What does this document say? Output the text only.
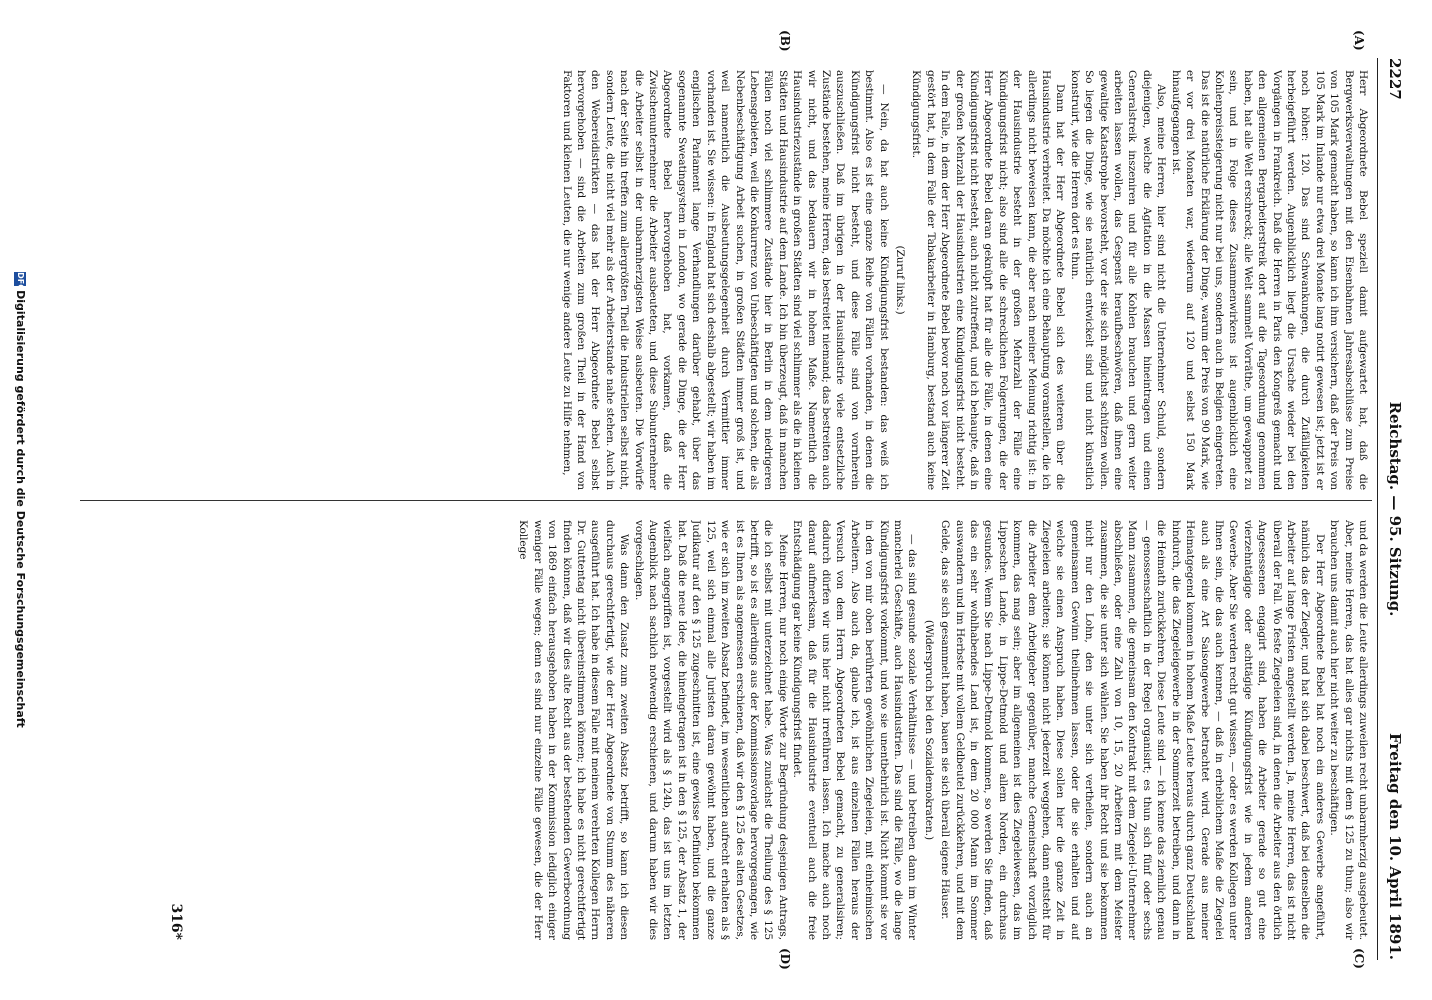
2227
Reichstag. — 95. Sitzung.
Freitag den 10. April 1891.
(A)
(B)
(C)
(D)

Herr Abgeordnete Bebel speziell damit aufgewartet hat, daß die Bergwerksverwaltungen mit den Eisenbahnen Jahresabschlüsse zum Preise von 105 Mark gemacht haben, so kann ich ihm versichern, daß der Preis von 105 Mark im Inlande nur etwa drei Monate lang notirt gewesen ist; jetzt ist er noch höher: 120. Das sind Schwankungen, die durch Zufälligkeiten herbeigeführt werden. Augenblicklich liegt die Ursache wieder bei den Vorgängen in Frankreich. Daß die Herren in Paris den Kongreß gemacht und den allgemeinen Bergarbeiterstreik dort auf die Tagesordnung genommen haben, hat alle Welt erschreckt; alle Welt sammelt Vorräthe, um gewappnet zu sein, und in Folge dieses Zusammenwirkens ist augenblicklich eine Kohlenpreissteigerung nicht nur bei uns, sondern auch in Belgien eingetreten. Das ist die natürliche Erklärung der Dinge, warum der Preis von 90 Mark, wie er vor drei Monaten war, wiederum auf 120 und selbst 150 Mark hinaufgegangen ist.

Also, meine Herren, hier sind nicht die Unternehmer Schuld, sondern diejenigen, welche die Agitation in die Massen hineintragen und einen Generalstreik inszeniren und für alle Kohlen brauchen und gern weiter arbeiten lassen wollen, das Gespenst heraufbeschwören, daß ihnen eine gewaltige Katastrophe bevorsteht, vor der sie sich möglichst schützen wollen. So liegen die Dinge, wie sie natürlich entwickelt sind und nicht künstlich konstruirt, wie die Herren dort es thun.

Dann hat der Herr Abgeordnete Bebel sich des weiteren über die Hausindustrie verbreitet. Da möchte ich eine Behauptung voranstellen, die ich allerdings nicht beweisen kann, die aber nach meiner Meinung richtig ist: in der Hausindustrie besteht in der großen Mehrzahl der Fälle eine Kündigungsfrist nicht; also sind alle die schrecklichen Folgerungen, die der Herr Abgeordnete Bebel daran geknüpft hat für alle die Fälle, in denen eine Kündigungsfrist nicht besteht, auch nicht zutreffend, und ich behaupte, daß in der großen Mehrzahl der Hausindustrien eine Kündigungsfrist nicht besteht. In dem Falle, in dem der Herr Abgeordnete Bebel bevor noch vor längerer Zeit gestört hat, in dem Falle der Tabakarbeiter in Hamburg, bestand auch keine Kündigungsfrist.

(Zuruf links.)

— Nein, da hat auch keine Kündigungsfrist bestanden: das weiß ich bestimmt. Also es ist eine ganze Reihe von Fällen vorhanden, in denen die Kündigungsfrist nicht besteht, und diese Fälle sind von vornherein auszuschließen. Daß im übrigen in der Hausindustrie viele entsetzliche Zustände bestehen, meine Herren, das bestreitet niemand; das bestreiten auch wir nicht, und das bedauern wir in hohem Maße. Namentlich die Hausindustriezustände in großen Städten sind viel schlimmer als die in kleinen Städten und Hausindustrie auf dem Lande. Ich bin überzeugt, daß in manchen Fällen noch viel schlimmere Zustände hier in Berlin in dem niedrigeren Lebensgebieten, weil die Konkurrenz von Unbeschäftigten und solchen, die als Nebenbeschäftigung Arbeit suchen, in großen Städten immer groß ist, und weil namentlich die Ausbeutungsgelegenheit durch Vermittler immer vorhanden ist. Sie wissen: in England hat sich deshalb abgestellt; wir haben im englischen Parlament lange Verhandlungen darüber gehabt, über das sogenannte Sweatingsystem in London, wo gerade die Dinge, die der Herr Abgeordnete Bebel hervorgehoben hat, vorkamen, daß die Zwischenunternehmer die Arbeiter ausbeuteten, und diese Subunternehmer die Arbeiter selbst in der unbarmherzigsten Weise ausbeuten. Die Vorwürfe nach der Seite hin treffen zum allergrößten Theil die Industriellen selbst nicht, sondern Leute, die nicht viel mehr als der Arbeiterstande nahe stehen. Auch in den Webereidistrikten — das hat der Herr Abgeordnete Bebel selbst hervorgehoben — sind die Arbeiten zum großen Theil in der Hand von Faktoren und kleinen Leuten, die nur wenige andere Leute zu Hilfe nehmen,

und da werden die Leute allerdings zuweilen recht unbarmherzig ausgebeutet. Aber, meine Herren, das hat alles gar nichts mit dem § 125 zu thun; also wir brauchen uns damit auch hier nicht weiter zu beschäftigen.

Der Herr Abgeordnete Bebel hat noch ein anderes Gewerbe angeführt, nämlich das der Ziegler, und hat sich dabei beschwert, daß bei denselben die Arbeiter auf lange Fristen angestellt werden. Ja, meine Herren, das ist nicht überall der Fall. Wo feste Ziegeleien sind, in denen die Arbeiter aus den örtlich Angesessenen engagirt sind, haben die Arbeiter gerade so gut eine vierzehntägige oder achttägige Kündigungsfrist wie in jedem anderen Gewerbe. Aber Sie werden recht gut wissen, — oder es werden Kollegen unter Ihnen sein, die das auch kennen, — daß in erheblichem Maße die Ziegelei auch als eine Art Saisongewerbe betrachtet wird. Gerade aus meiner Heimatgegend kommen in hohem Maße Leute heraus durch ganz Deutschland hindurch, die das Ziegeleigewerbe in der Sommerzeit betreiben, und dann in die Heimath zurückkehren. Diese Leute sind — ich kenne das ziemlich genau — genossenschaftlich in der Regel organisirt; es thun sich fünf oder sechs Mann zusammen, die gemeinsam den Kontrakt mit dem Ziegelei-Unternehmer abschließen, oder eine Zahl von 10, 15, 20 Arbeitern mit dem Meister zusammen, die sie unter sich wählen. Sie haben ihr Recht und sie bekommen nicht nur den Lohn, den sie unter sich vertheilen, sondern auch an gemeinsamen Gewinn theilnehmen lassen, oder die sie erhalten und auf welche sie einen Anspruch haben. Diese sollen hier die ganze Zeit in Ziegeleien arbeiten; sie können nicht jederzeit weggehen, dann entsteht für die Arbeiter dem Arbeitgeber gegenüber, manche Gemeinschaft vorzüglich kommen, das mag sein; aber im allgemeinen ist dies Ziegeleiwesen, das im Lippeschen Lande, in Lippe-Detmold und allem Norden, ein durchaus gesundes. Wenn Sie nach Lippe-Detmold kommen, so werden Sie finden, daß das ein sehr wohlhabendes Land ist, in dem 20 000 Mann im Sommer auswandern und im Herbste mit vollem Geldbeutel zurückkehren, und mit dem Gelde, das sie sich gesammelt haben, bauen sie sich überall eigene Häuser.

(Widerspruch bei den Sozialdemokraten.)

— das sind gesunde soziale Verhältnisse — und betreiben dann im Winter mancherlei Geschäfte, auch Hausindustrien. Das sind die Fälle, wo die lange Kündigungsfrist vorkommt, und wo sie unentbehrlich ist. Nicht kommt sie vor in den von mir oben berührten gewöhnlichen Ziegeleien, mit einheimischen Arbeitern. Also auch da, glaube ich, ist aus einzelnen Fällen heraus der Versuch von dem Herrn Abgeordneten Bebel gemacht, zu generalisiren; dadurch dürfen wir uns hier nicht irreführen lassen. Ich mache auch noch darauf aufmerksam, daß für die Hausindustrie eventuell auch die freie Entschädigung gar keine Kündigungsfrist findet.

Meine Herren, nur noch einige Worte zur Begründung desjenigen Antrags, die ich selbst mit unterzeichnet habe. Was zunächst die Theilung des § 125 betrifft, so ist es allerdings aus der Kommissionsvorlage hervorgegangen, wie ist es Ihnen als angemessen erschienen, daß wir den § 125 des alten Gesetzes, wie er sich im zweiten Absatz befindet, im wesentlichen aufrecht erhalten als § 125, weil sich einmal alle Juristen daran gewöhnt haben, und die ganze Judikatur auf den § 125 zugeschnitten ist, eine gewisse Definition bekommen hat. Daß die neue Idee, die hineingetragen ist in den § 125, der Absatz 1, der vielfach angegriffen ist, vorgestellt wird als § 124b, das ist uns im letzten Augenblick nach sachlich notwendig erschienen, und darum haben wir dies vorgeschlagen.

Was dann den Zusatz zum zweiten Absatz betrifft, so kann ich diesen durchaus gerechtfertigt, wie der Herr Abgeordnete von Stumm des näheren ausgeführt hat. Ich habe in diesem Falle mit meinem verehrten Kollegen Herrn Dr. Guttentag nicht übereinstimmen können; ich habe es nicht gerechtfertigt finden können, daß wir dies alte Recht aus der bestehenden Gewerbeordnung von 1869 einfach herausgehoben haben in der Kommission lediglich einiger weniger Fälle wegen; denn es sind nur einzelne Fälle gewesen, die der Herr Kollege

316*
DFGDigitalisierung gefördert durch die Deutsche Forschungsgemeinschaft
